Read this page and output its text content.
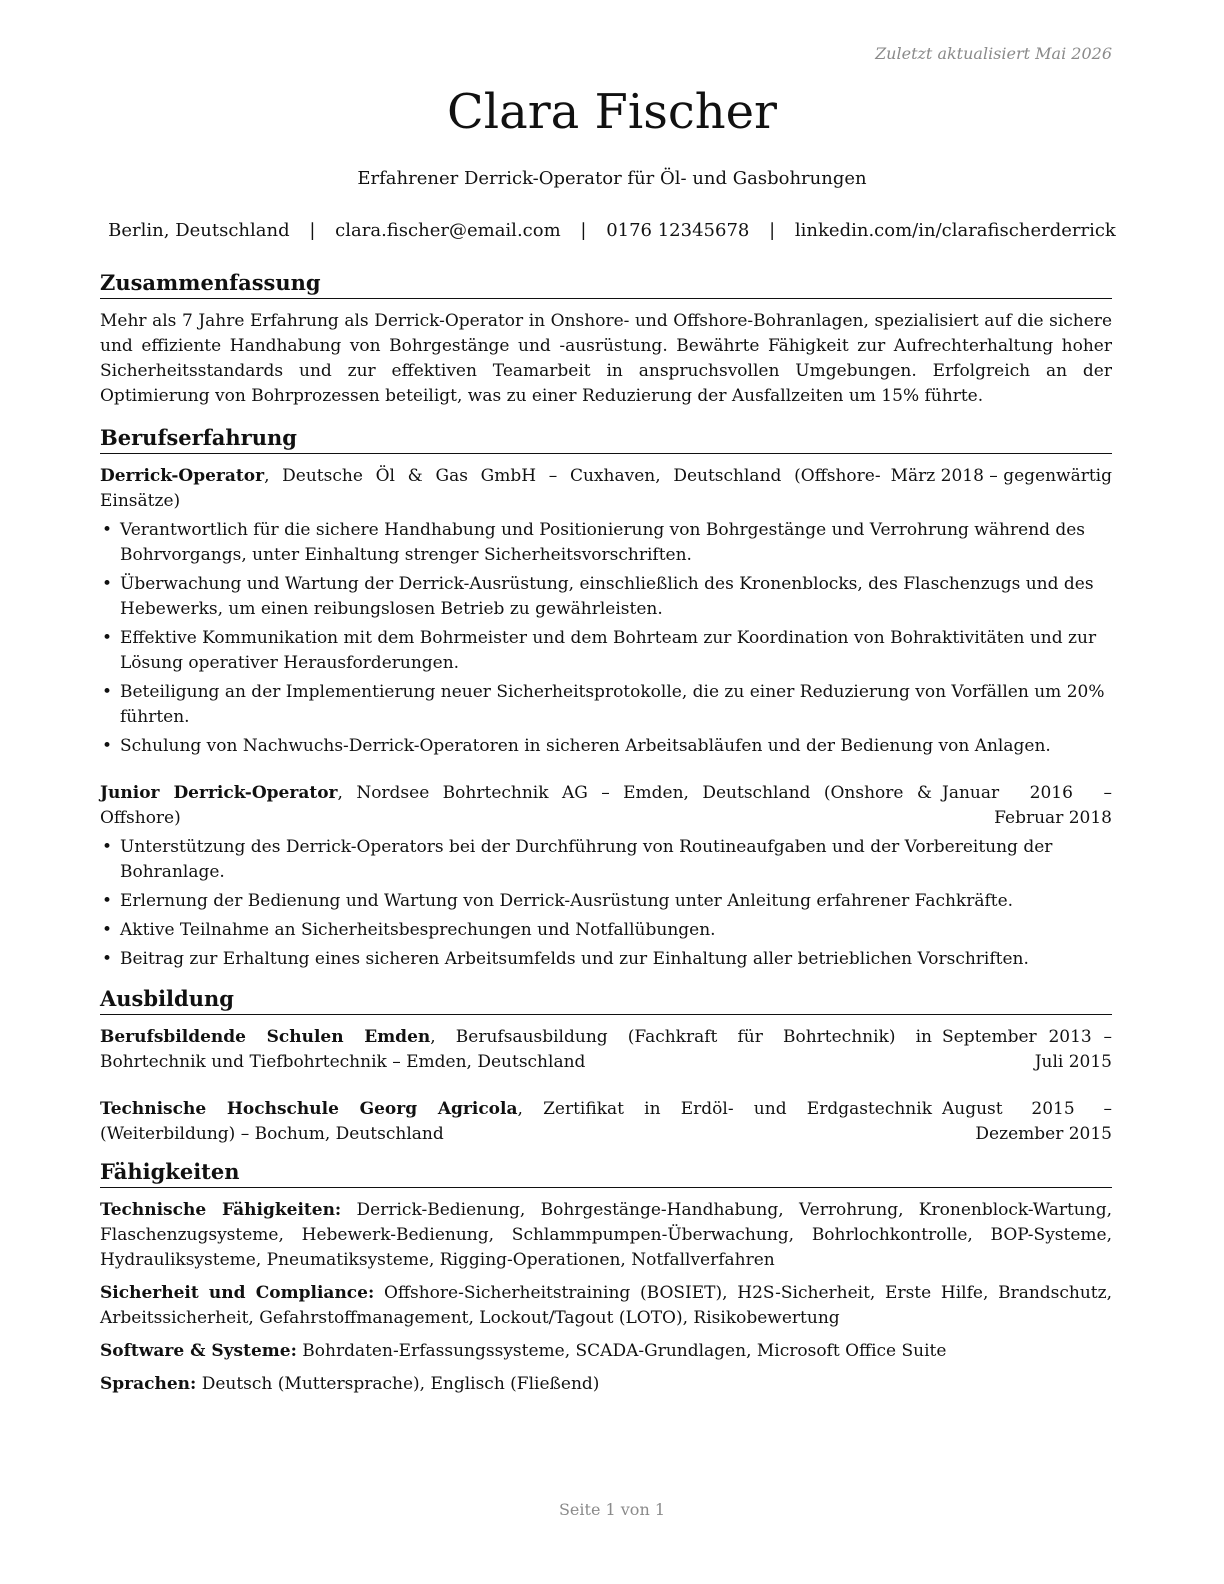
Zuletzt aktualisiert Mai 2026
Clara Fischer
Erfahrener Derrick-Operator für Öl- und Gasbohrungen
Berlin, Deutschland | clara.fischer@email.com | 0176 12345678 | linkedin.com/in/clarafischerderrick
Zusammenfassung
Mehr als 7 Jahre Erfahrung als Derrick-Operator in Onshore- und Offshore-Bohranlagen, spezialisiert auf die sichere und effiziente Handhabung von Bohrgestänge und -ausrüstung. Bewährte Fähigkeit zur Aufrechterhaltung hoher Sicherheitsstandards und zur effektiven Teamarbeit in anspruchsvollen Umgebungen. Erfolgreich an der Optimierung von Bohrprozessen beteiligt, was zu einer Reduzierung der Ausfallzeiten um 15% führte.
Berufserfahrung
Derrick-Operator, Deutsche Öl & Gas GmbH – Cuxhaven, Deutschland (Offshore-Einsätze)
März 2018 – gegenwärtig
• Verantwortlich für die sichere Handhabung und Positionierung von Bohrgestänge und Verrohrung während des Bohrvorgangs, unter Einhaltung strenger Sicherheitsvorschriften.
• Überwachung und Wartung der Derrick-Ausrüstung, einschließlich des Kronenblocks, des Flaschenzugs und des Hebewerks, um einen reibungslosen Betrieb zu gewährleisten.
• Effektive Kommunikation mit dem Bohrmeister und dem Bohrteam zur Koordination von Bohraktivitäten und zur Lösung operativer Herausforderungen.
• Beteiligung an der Implementierung neuer Sicherheitsprotokolle, die zu einer Reduzierung von Vorfällen um 20% führten.
• Schulung von Nachwuchs-Derrick-Operatoren in sicheren Arbeitsabläufen und der Bedienung von Anlagen.
Junior Derrick-Operator, Nordsee Bohrtechnik AG – Emden, Deutschland (Onshore & Offshore)
Januar 2016 – Februar 2018
• Unterstützung des Derrick-Operators bei der Durchführung von Routineaufgaben und der Vorbereitung der Bohranlage.
• Erlernung der Bedienung und Wartung von Derrick-Ausrüstung unter Anleitung erfahrener Fachkräfte.
• Aktive Teilnahme an Sicherheitsbesprechungen und Notfallübungen.
• Beitrag zur Erhaltung eines sicheren Arbeitsumfelds und zur Einhaltung aller betrieblichen Vorschriften.
Ausbildung
Berufsbildende Schulen Emden, Berufsausbildung (Fachkraft für Bohrtechnik) in Bohrtechnik und Tiefbohrtechnik – Emden, Deutschland
September 2013 – Juli 2015
Technische Hochschule Georg Agricola, Zertifikat in Erdöl- und Erdgastechnik (Weiterbildung) – Bochum, Deutschland
August 2015 – Dezember 2015
Fähigkeiten
Technische Fähigkeiten: Derrick-Bedienung, Bohrgestänge-Handhabung, Verrohrung, Kronenblock-Wartung, Flaschenzugsysteme, Hebewerk-Bedienung, Schlammpumpen-Überwachung, Bohrlochkontrolle, BOP-Systeme, Hydrauliksysteme, Pneumatiksysteme, Rigging-Operationen, Notfallverfahren
Sicherheit und Compliance: Offshore-Sicherheitstraining (BOSIET), H2S-Sicherheit, Erste Hilfe, Brandschutz, Arbeitssicherheit, Gefahrstoffmanagement, Lockout/Tagout (LOTO), Risikobewertung
Software & Systeme: Bohrdaten-Erfassungssysteme, SCADA-Grundlagen, Microsoft Office Suite
Sprachen: Deutsch (Muttersprache), Englisch (Fließend)
Seite 1 von 1
